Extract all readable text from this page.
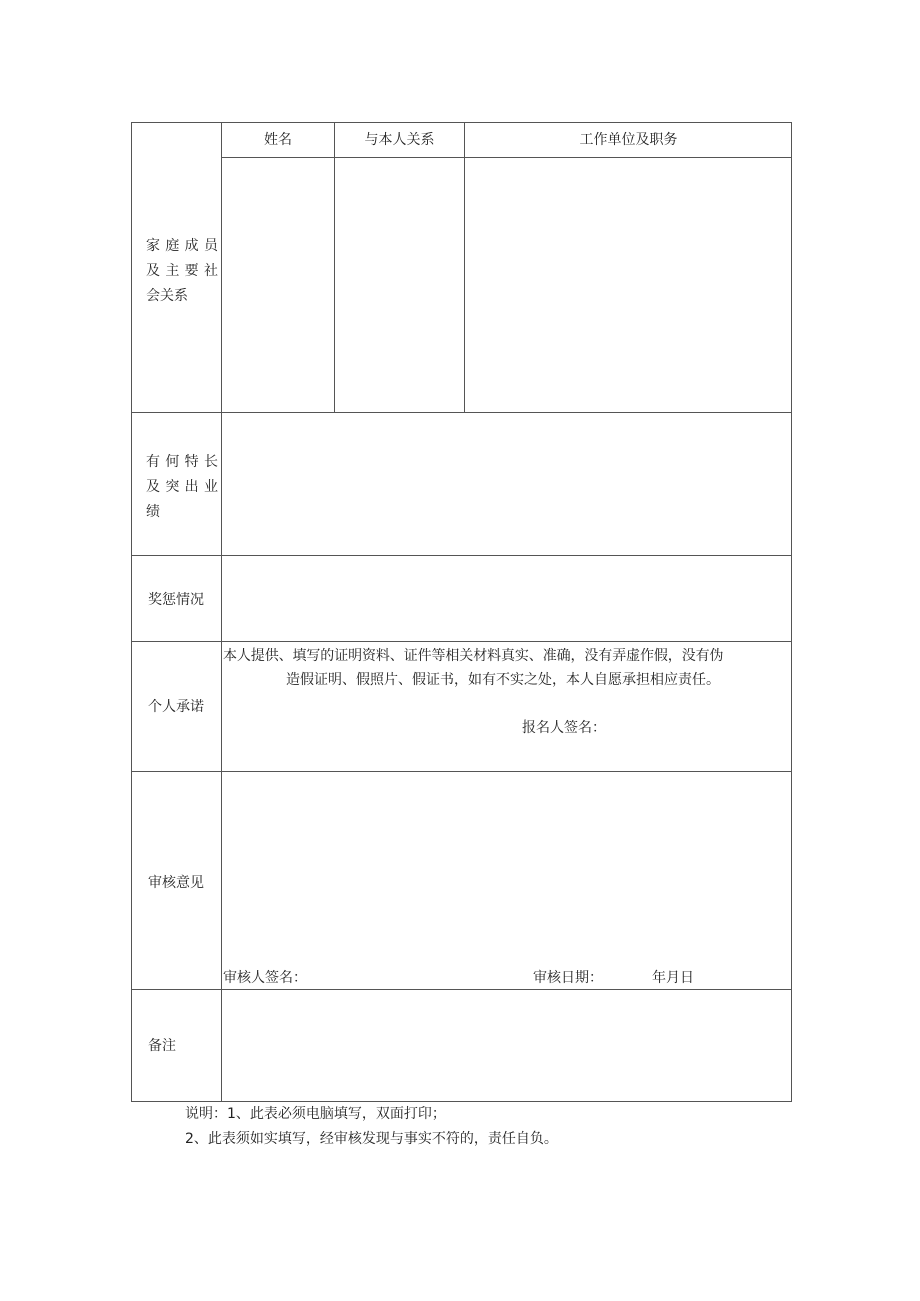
家庭成员
及主要社
会关系
姓名	与本人关系	工作单位及职务
有何特长
及突出业
绩
奖惩情况
个人承诺
本人提供、填写的证明资料、证件等相关材料真实、准确，没有弄虚作假，没有伪
造假证明、假照片、假证书，如有不实之处，本人自愿承担相应责任。
报名人签名：
审核意见
审核人签名：	审核日期：	年月日
备注
说明：1、此表必须电脑填写，双面打印；
2、此表须如实填写，经审核发现与事实不符的，责任自负。
